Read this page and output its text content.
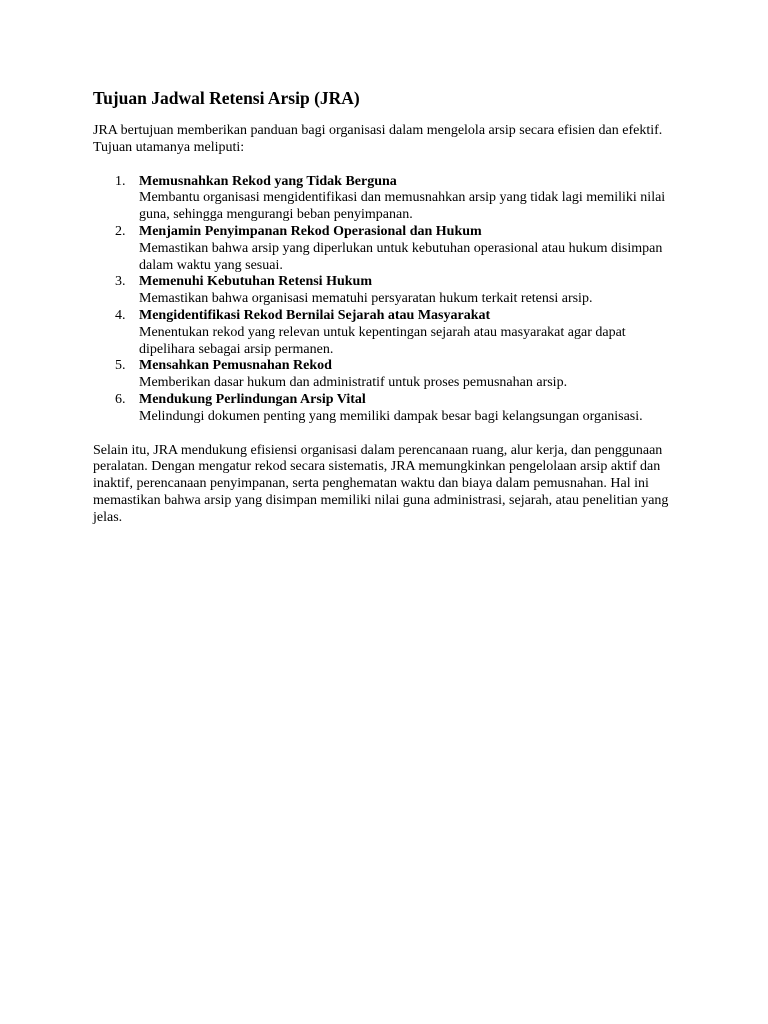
Tujuan Jadwal Retensi Arsip (JRA)

JRA bertujuan memberikan panduan bagi organisasi dalam mengelola arsip secara efisien dan efektif. Tujuan utamanya meliputi:

1. Memusnahkan Rekod yang Tidak Berguna
Membantu organisasi mengidentifikasi dan memusnahkan arsip yang tidak lagi memiliki nilai guna, sehingga mengurangi beban penyimpanan.
2. Menjamin Penyimpanan Rekod Operasional dan Hukum
Memastikan bahwa arsip yang diperlukan untuk kebutuhan operasional atau hukum disimpan dalam waktu yang sesuai.
3. Memenuhi Kebutuhan Retensi Hukum
Memastikan bahwa organisasi mematuhi persyaratan hukum terkait retensi arsip.
4. Mengidentifikasi Rekod Bernilai Sejarah atau Masyarakat
Menentukan rekod yang relevan untuk kepentingan sejarah atau masyarakat agar dapat dipelihara sebagai arsip permanen.
5. Mensahkan Pemusnahan Rekod
Memberikan dasar hukum dan administratif untuk proses pemusnahan arsip.
6. Mendukung Perlindungan Arsip Vital
Melindungi dokumen penting yang memiliki dampak besar bagi kelangsungan organisasi.

Selain itu, JRA mendukung efisiensi organisasi dalam perencanaan ruang, alur kerja, dan penggunaan peralatan. Dengan mengatur rekod secara sistematis, JRA memungkinkan pengelolaan arsip aktif dan inaktif, perencanaan penyimpanan, serta penghematan waktu dan biaya dalam pemusnahan. Hal ini memastikan bahwa arsip yang disimpan memiliki nilai guna administrasi, sejarah, atau penelitian yang jelas.
